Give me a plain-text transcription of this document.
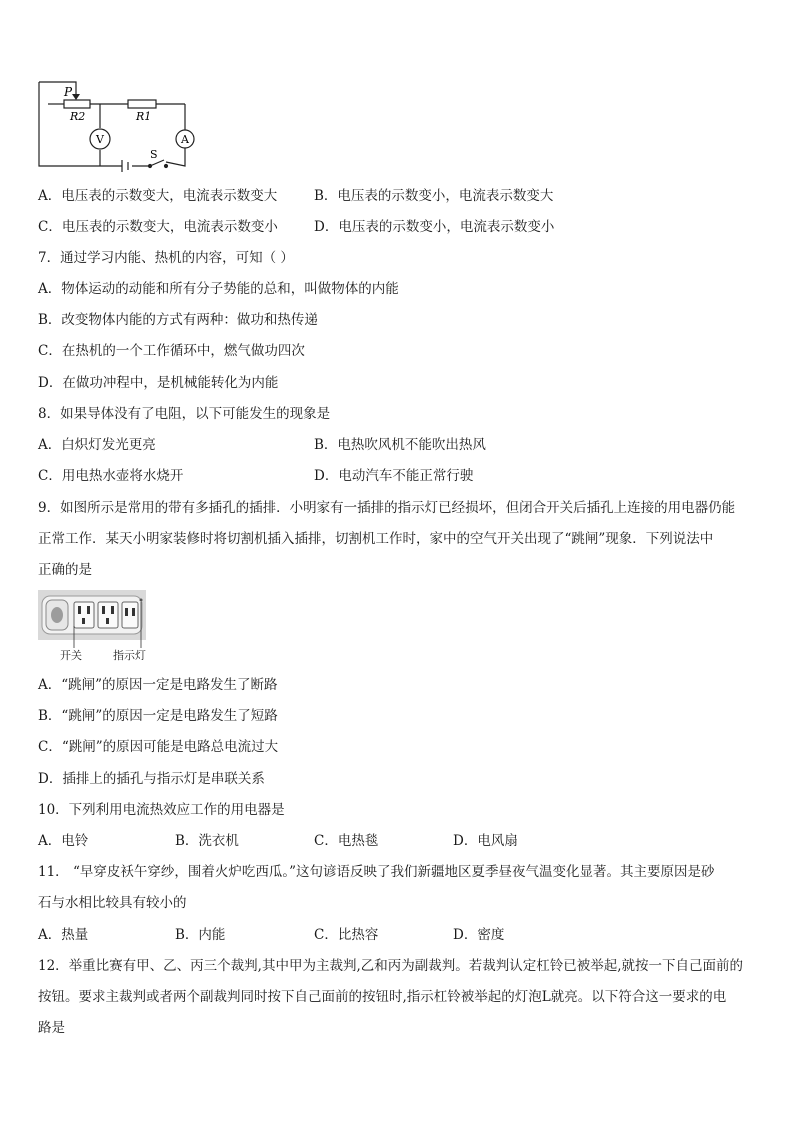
P
R2	R1
V	A
S
A．电压表的示数变大，电流表示数变大	B．电压表的示数变小，电流表示数变大
C．电压表的示数变大，电流表示数变小	D．电压表的示数变小，电流表示数变小
7．通过学习内能、热机的内容，可知（ ）
A．物体运动的动能和所有分子势能的总和，叫做物体的内能
B．改变物体内能的方式有两种：做功和热传递
C．在热机的一个工作循环中，燃气做功四次
D．在做功冲程中，是机械能转化为内能
8．如果导体没有了电阻，以下可能发生的现象是
A．白炽灯发光更亮	B．电热吹风机不能吹出热风
C．用电热水壶将水烧开	D．电动汽车不能正常行驶
9．如图所示是常用的带有多插孔的插排．小明家有一插排的指示灯已经损坏，但闭合开关后插孔上连接的用电器仍能
正常工作．某天小明家装修时将切割机插入插排，切割机工作时，家中的空气开关出现了“跳闸”现象．下列说法中
正确的是
开关	指示灯
A．“跳闸”的原因一定是电路发生了断路
B．“跳闸”的原因一定是电路发生了短路
C．“跳闸”的原因可能是电路总电流过大
D．插排上的插孔与指示灯是串联关系
10．下列利用电流热效应工作的用电器是
A．电铃	B．洗衣机	C．电热毯	D．电风扇
11． “早穿皮袄午穿纱，围着火炉吃西瓜。”这句谚语反映了我们新疆地区夏季昼夜气温变化显著。其主要原因是砂
石与水相比较具有较小的
A．热量	B．内能	C．比热容	D．密度
12．举重比赛有甲、乙、丙三个裁判,其中甲为主裁判,乙和丙为副裁判。若裁判认定杠铃已被举起,就按一下自己面前的
按钮。要求主裁判或者两个副裁判同时按下自己面前的按钮时,指示杠铃被举起的灯泡L就亮。以下符合这一要求的电
路是
